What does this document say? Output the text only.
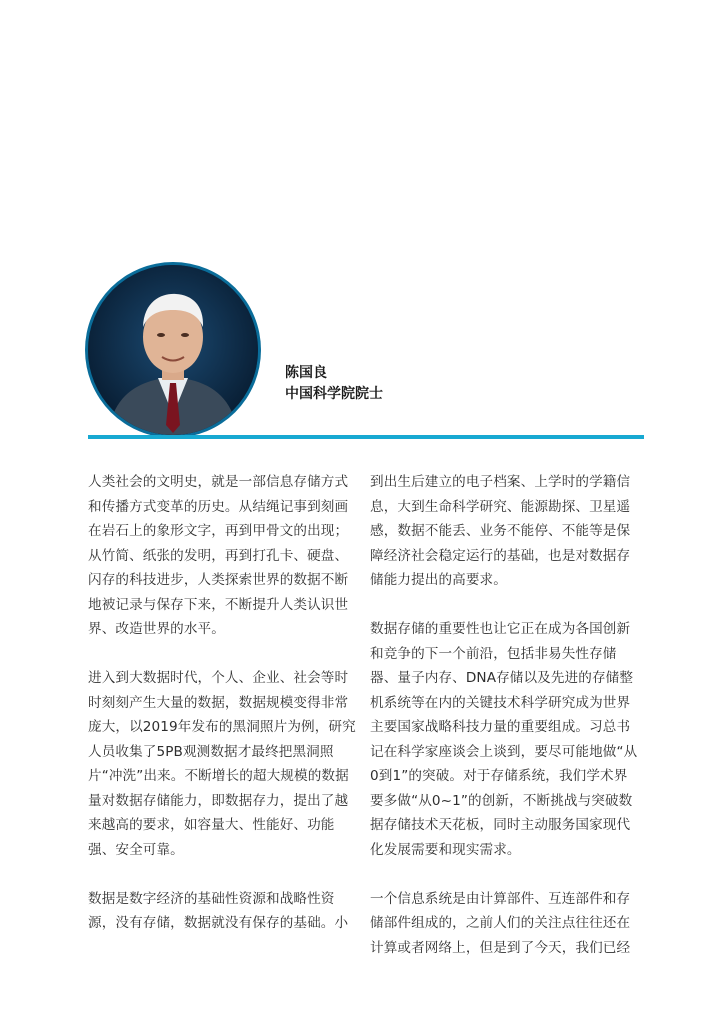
陈国良
中国科学院院士

人类社会的文明史，就是一部信息存储方式和传播方式变革的历史。从结绳记事到刻画在岩石上的象形文字，再到甲骨文的出现；从竹简、纸张的发明，再到打孔卡、硬盘、闪存的科技进步，人类探索世界的数据不断地被记录与保存下来，不断提升人类认识世界、改造世界的水平。

进入到大数据时代，个人、企业、社会等时时刻刻产生大量的数据，数据规模变得非常庞大，以2019年发布的黑洞照片为例，研究人员收集了5PB观测数据才最终把黑洞照片“冲洗”出来。不断增长的超大规模的数据量对数据存储能力，即数据存力，提出了越来越高的要求，如容量大、性能好、功能强、安全可靠。

数据是数字经济的基础性资源和战略性资源，没有存储，数据就没有保存的基础。小

到出生后建立的电子档案、上学时的学籍信息，大到生命科学研究、能源勘探、卫星遥感，数据不能丢、业务不能停、不能等是保障经济社会稳定运行的基础，也是对数据存储能力提出的高要求。

数据存储的重要性也让它正在成为各国创新和竞争的下一个前沿，包括非易失性存储器、量子内存、DNA存储以及先进的存储整机系统等在内的关键技术科学研究成为世界主要国家战略科技力量的重要组成。习总书记在科学家座谈会上谈到，要尽可能地做“从0到1”的突破。对于存储系统，我们学术界要多做“从0~1”的创新，不断挑战与突破数据存储技术天花板，同时主动服务国家现代化发展需要和现实需求。

一个信息系统是由计算部件、互连部件和存储部件组成的，之前人们的关注点往往还在计算或者网络上，但是到了今天，我们已经
